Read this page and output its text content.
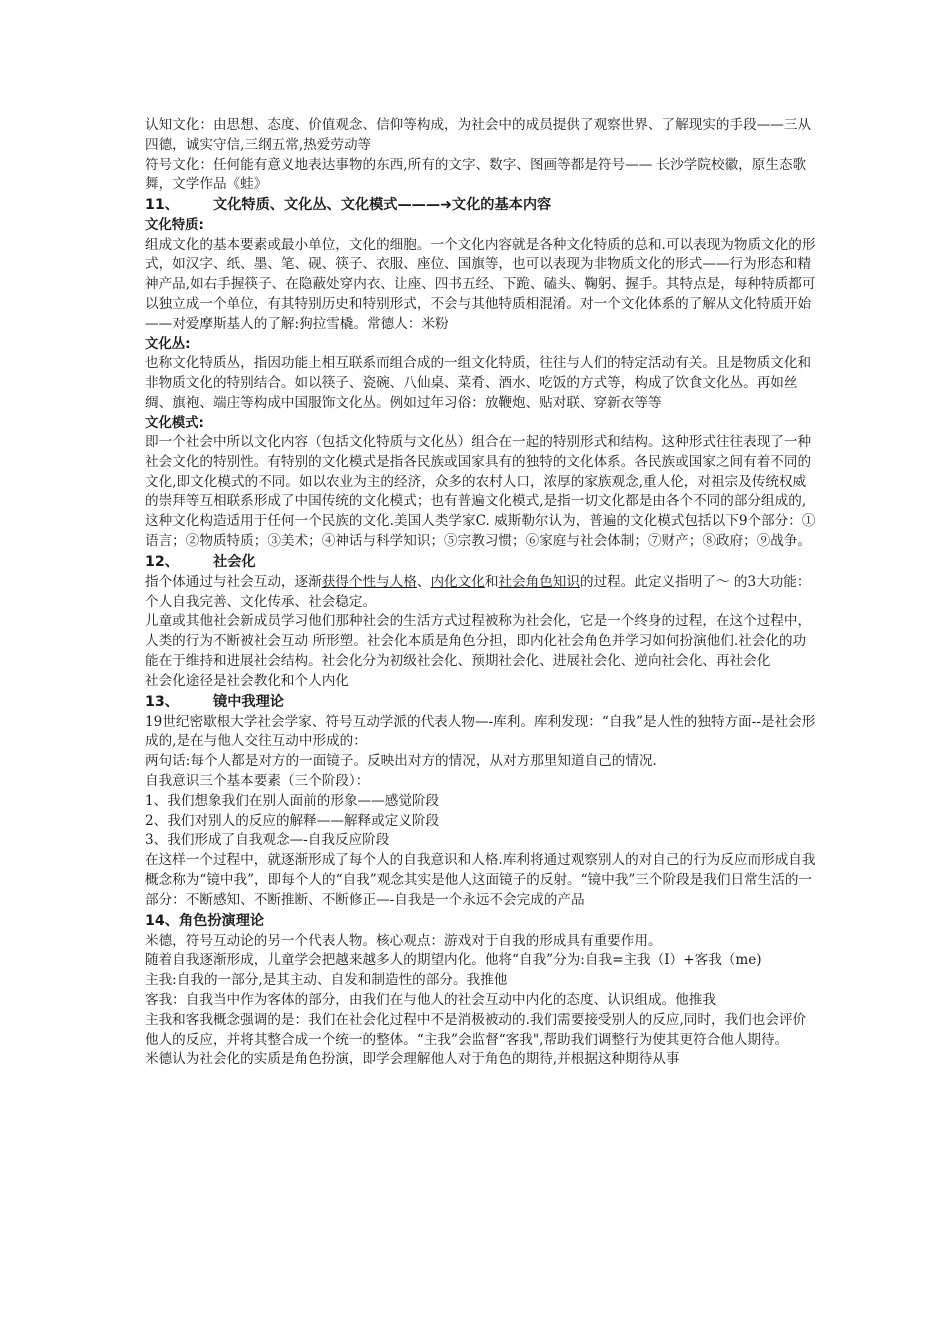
认知文化：由思想、态度、价值观念、信仰等构成，为社会中的成员提供了观察世界、了解现实的手段——三从四德，诚实守信,三纲五常,热爱劳动等

符号文化：任何能有意义地表达事物的东西,所有的文字、数字、图画等都是符号—— 长沙学院校徽，原生态歌舞，文学作品《蛙》

11、 文化特质、文化丛、文化模式———➜文化的基本内容

文化特质:

组成文化的基本要素或最小单位，文化的细胞。一个文化内容就是各种文化特质的总和.可以表现为物质文化的形式，如汉字、纸、墨、笔、砚、筷子、衣服、座位、国旗等，也可以表现为非物质文化的形式——行为形态和精神产品,如右手握筷子、在隐蔽处穿内衣、让座、四书五经、下跪、磕头、鞠躬、握手。其特点是，每种特质都可以独立成一个单位，有其特别历史和特别形式，不会与其他特质相混淆。对一个文化体系的了解从文化特质开始——对爱摩斯基人的了解:狗拉雪橇。常德人：米粉

文化丛:

也称文化特质丛，指因功能上相互联系而组合成的一组文化特质，往往与人们的特定活动有关。且是物质文化和非物质文化的特别结合。如以筷子、瓷碗、八仙桌、菜肴、酒水、吃饭的方式等，构成了饮食文化丛。再如丝绸、旗袍、端庄等构成中国服饰文化丛。例如过年习俗：放鞭炮、贴对联、穿新衣等等

文化模式:

即一个社会中所以文化内容（包括文化特质与文化丛）组合在一起的特别形式和结构。这种形式往往表现了一种社会文化的特别性。有特别的文化模式是指各民族或国家具有的独特的文化体系。各民族或国家之间有着不同的文化,即文化模式的不同。如以农业为主的经济，众多的农村人口，浓厚的家族观念,重人伦，对祖宗及传统权威的崇拜等互相联系形成了中国传统的文化模式；也有普遍文化模式,是指一切文化都是由各个不同的部分组成的,这种文化构造适用于任何一个民族的文化.美国人类学家C. 威斯勒尔认为，普遍的文化模式包括以下9个部分：①语言；②物质特质；③美术；④神话与科学知识；⑤宗教习惯；⑥家庭与社会体制；⑦财产；⑧政府；⑨战争。

12、 社会化

指个体通过与社会互动，逐渐获得个性与人格、内化文化和社会角色知识的过程。此定义指明了～ 的3大功能：个人自我完善、文化传承、社会稳定。

儿童或其他社会新成员学习他们那种社会的生活方式过程被称为社会化，它是一个终身的过程，在这个过程中，人类的行为不断被社会互动 所形塑。社会化本质是角色分担，即内化社会角色并学习如何扮演他们.社会化的功能在于维持和进展社会结构。社会化分为初级社会化、预期社会化、进展社会化、逆向社会化、再社会化

社会化途径是社会教化和个人内化

13、 镜中我理论

19世纪密歇根大学社会学家、符号互动学派的代表人物—-库利。库利发现：“自我”是人性的独特方面--是社会形成的,是在与他人交往互动中形成的：

两句话:每个人都是对方的一面镜子。反映出对方的情况，从对方那里知道自己的情况.

自我意识三个基本要素（三个阶段）：

1、我们想象我们在别人面前的形象——感觉阶段

2、我们对别人的反应的解释——解释或定义阶段

3、我们形成了自我观念—-自我反应阶段

在这样一个过程中，就逐渐形成了每个人的自我意识和人格.库利将通过观察别人的对自己的行为反应而形成自我概念称为“镜中我”，即每个人的“自我”观念其实是他人这面镜子的反射。“镜中我”三个阶段是我们日常生活的一部分：不断感知、不断推断、不断修正—-自我是一个永远不会完成的产品

14、角色扮演理论

米德，符号互动论的另一个代表人物。核心观点：游戏对于自我的形成具有重要作用。

随着自我逐渐形成，儿童学会把越来越多人的期望内化。他将“自我”分为:自我=主我（I）+客我（me)

主我:自我的一部分,是其主动、自发和制造性的部分。我推他

客我：自我当中作为客体的部分，由我们在与他人的社会互动中内化的态度、认识组成。他推我

主我和客我概念强调的是：我们在社会化过程中不是消极被动的.我们需要接受别人的反应,同时，我们也会评价他人的反应，并将其整合成一个统一的整体。“主我”会监督“客我",帮助我们调整行为使其更符合他人期待。

米德认为社会化的实质是角色扮演，即学会理解他人对于角色的期待,并根据这种期待从事
